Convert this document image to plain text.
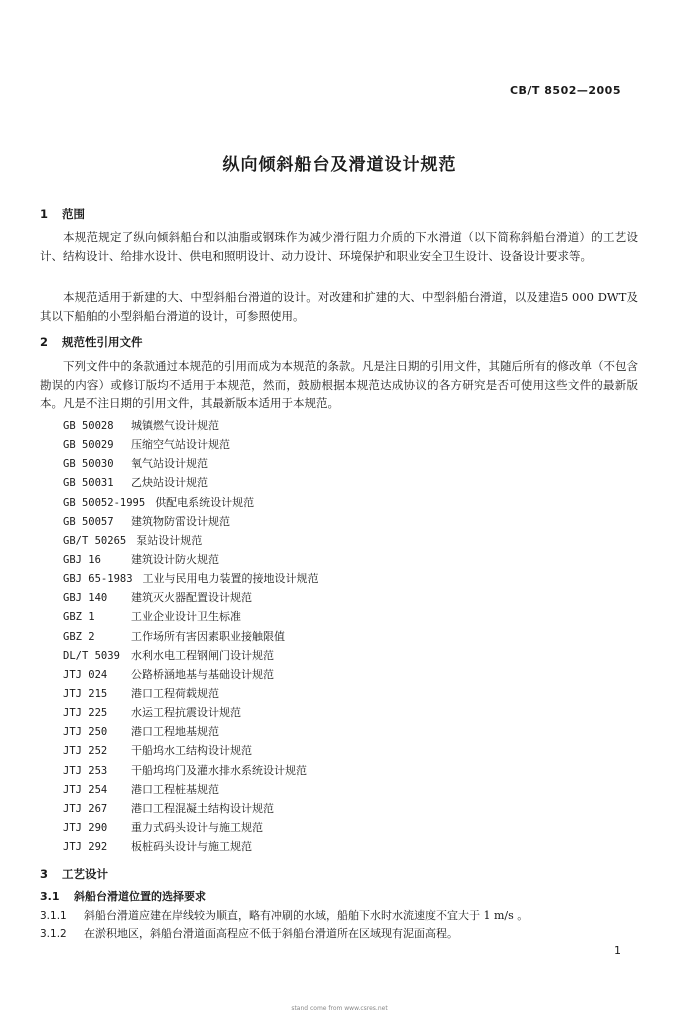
CB/T 8502—2005
纵向倾斜船台及滑道设计规范
1 范围
本规范规定了纵向倾斜船台和以油脂或钢珠作为减少滑行阻力介质的下水滑道（以下简称斜船台滑道）的工艺设计、结构设计、给排水设计、供电和照明设计、动力设计、环境保护和职业安全卫生设计、设备设计要求等。
本规范适用于新建的大、中型斜船台滑道的设计。对改建和扩建的大、中型斜船台滑道，以及建造5 000 DWT及其以下船舶的小型斜船台滑道的设计，可参照使用。
2 规范性引用文件
下列文件中的条款通过本规范的引用而成为本规范的条款。凡是注日期的引用文件，其随后所有的修改单（不包含勘误的内容）或修订版均不适用于本规范，然而，鼓励根据本规范达成协议的各方研究是否可使用这些文件的最新版本。凡是不注日期的引用文件，其最新版本适用于本规范。
GB 50028 城镇燃气设计规范
GB 50029 压缩空气站设计规范
GB 50030 氧气站设计规范
GB 50031 乙炔站设计规范
GB 50052-1995 供配电系统设计规范
GB 50057 建筑物防雷设计规范
GB/T 50265 泵站设计规范
GBJ 16	建筑设计防火规范
GBJ 65-1983 工业与民用电力装置的接地设计规范
GBJ 140 建筑灭火器配置设计规范
GBZ 1	工业企业设计卫生标准
GBZ 2	工作场所有害因素职业接触限值
DL/T 5039 水利水电工程钢闸门设计规范
JTJ 024 公路桥涵地基与基础设计规范
JTJ 215 港口工程荷载规范
JTJ 225 水运工程抗震设计规范
JTJ 250 港口工程地基规范
JTJ 252 干船坞水工结构设计规范
JTJ 253 干船坞坞门及灌水排水系统设计规范
JTJ 254 港口工程桩基规范
JTJ 267 港口工程混凝土结构设计规范
JTJ 290 重力式码头设计与施工规范
JTJ 292 板桩码头设计与施工规范
3 工艺设计
3.1 斜船台滑道位置的选择要求
3.1.1 斜船台滑道应建在岸线较为顺直，略有冲刷的水域，船舶下水时水流速度不宜大于 1 m/s 。
3.1.2 在淤积地区，斜船台滑道面高程应不低于斜船台滑道所在区域现有泥面高程。
1
stand come from www.csres.net
